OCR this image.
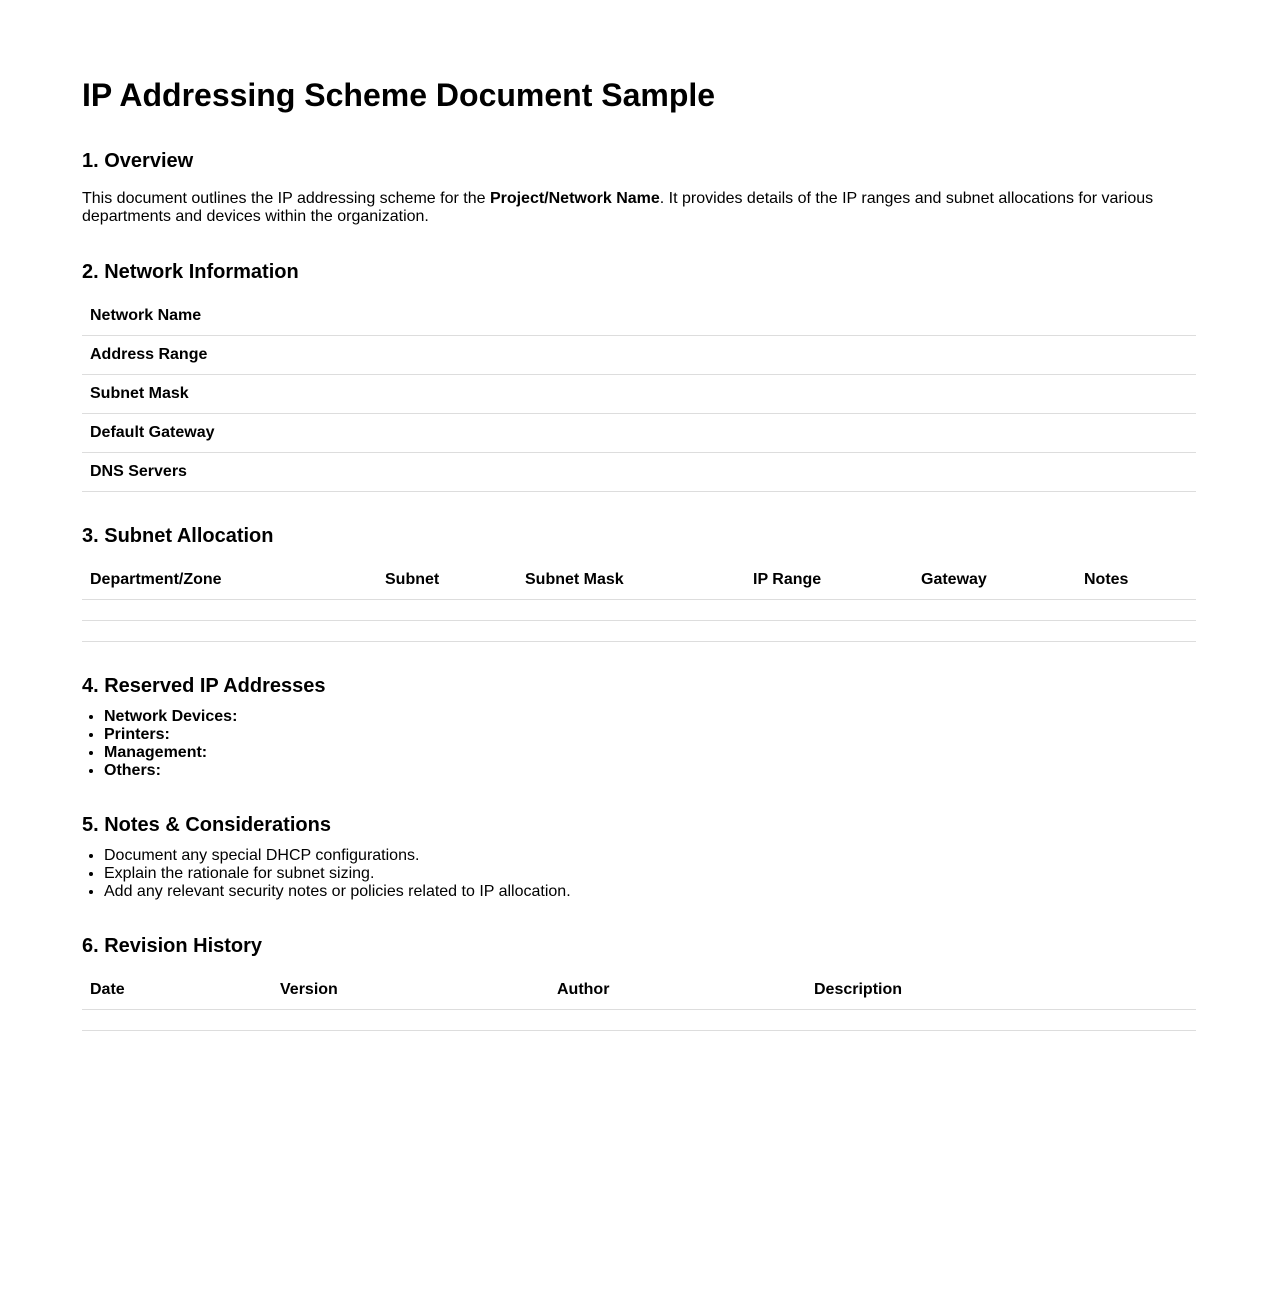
IP Addressing Scheme Document Sample
1. Overview

This document outlines the IP addressing scheme for the Project/Network Name. It provides details of the IP ranges and subnet allocations for various departments and devices within the organization.

2. Network Information
Network Name
Address Range
Subnet Mask
Default Gateway
DNS Servers
3. Subnet Allocation
Department/Zone	Subnet	Subnet Mask	IP Range	Gateway	Notes

4. Reserved IP Addresses
• Network Devices:
• Printers:
• Management:
• Others:
5. Notes & Considerations
• Document any special DHCP configurations.
• Explain the rationale for subnet sizing.
• Add any relevant security notes or policies related to IP allocation.
6. Revision History
Date	Version	Author	Description
